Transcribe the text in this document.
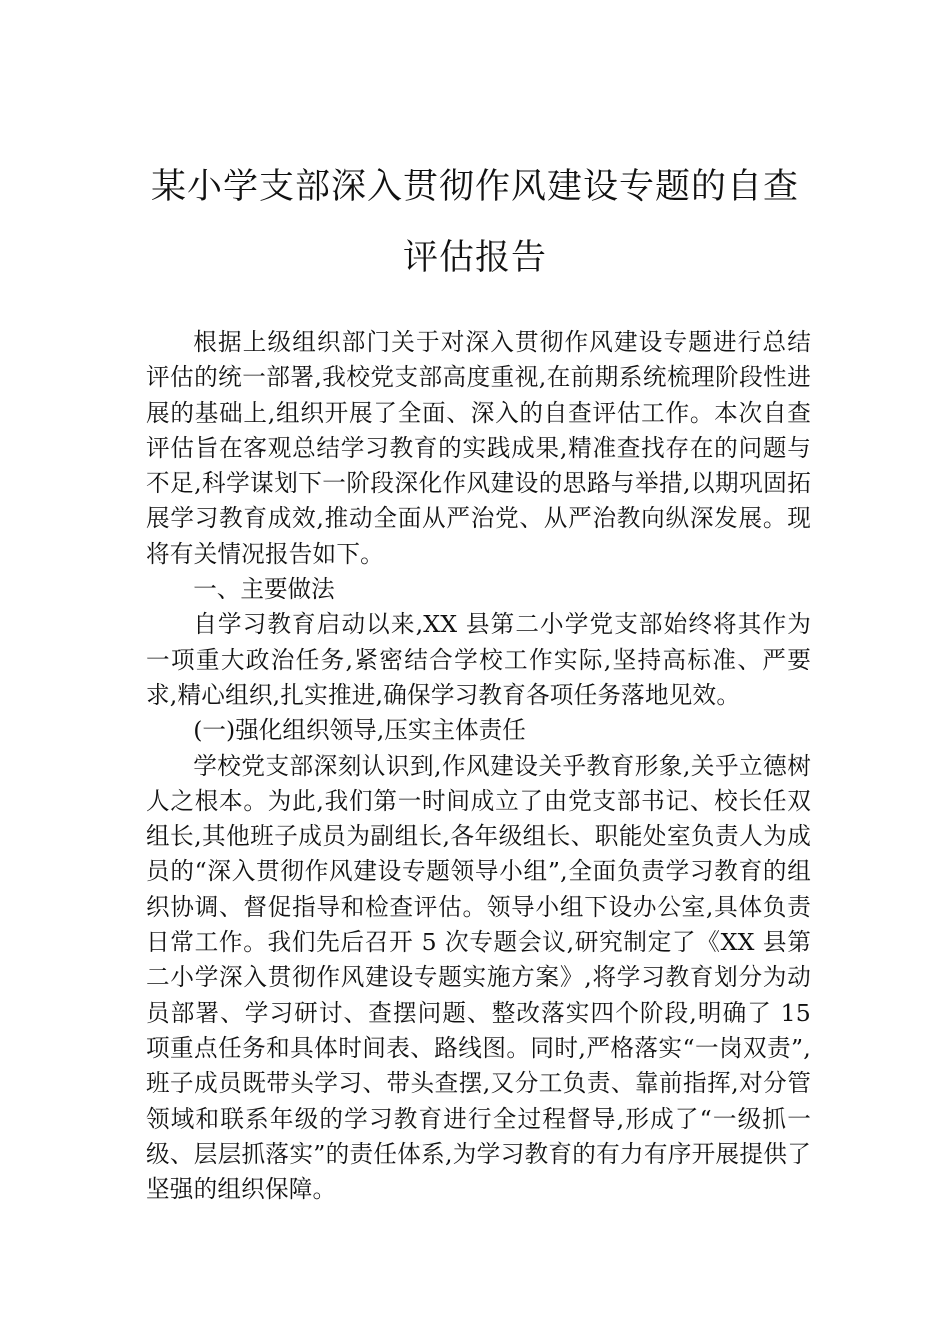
某小学支部深入贯彻作风建设专题的自查
评估报告

根据上级组织部门关于对深入贯彻作风建设专题进行总结评估的统一部署,我校党支部高度重视,在前期系统梳理阶段性进展的基础上,组织开展了全面、深入的自查评估工作。本次自查评估旨在客观总结学习教育的实践成果,精准查找存在的问题与不足,科学谋划下一阶段深化作风建设的思路与举措,以期巩固拓展学习教育成效,推动全面从严治党、从严治教向纵深发展。现将有关情况报告如下。

一、主要做法

自学习教育启动以来,XX 县第二小学党支部始终将其作为一项重大政治任务,紧密结合学校工作实际,坚持高标准、严要求,精心组织,扎实推进,确保学习教育各项任务落地见效。

(一)强化组织领导,压实主体责任

学校党支部深刻认识到,作风建设关乎教育形象,关乎立德树人之根本。为此,我们第一时间成立了由党支部书记、校长任双组长,其他班子成员为副组长,各年级组长、职能处室负责人为成员的“深入贯彻作风建设专题领导小组”,全面负责学习教育的组织协调、督促指导和检查评估。领导小组下设办公室,具体负责日常工作。我们先后召开 5 次专题会议,研究制定了《XX 县第二小学深入贯彻作风建设专题实施方案》,将学习教育划分为动员部署、学习研讨、查摆问题、整改落实四个阶段,明确了 15 项重点任务和具体时间表、路线图。同时,严格落实“一岗双责”,班子成员既带头学习、带头查摆,又分工负责、靠前指挥,对分管领域和联系年级的学习教育进行全过程督导,形成了“一级抓一级、层层抓落实”的责任体系,为学习教育的有力有序开展提供了坚强的组织保障。
